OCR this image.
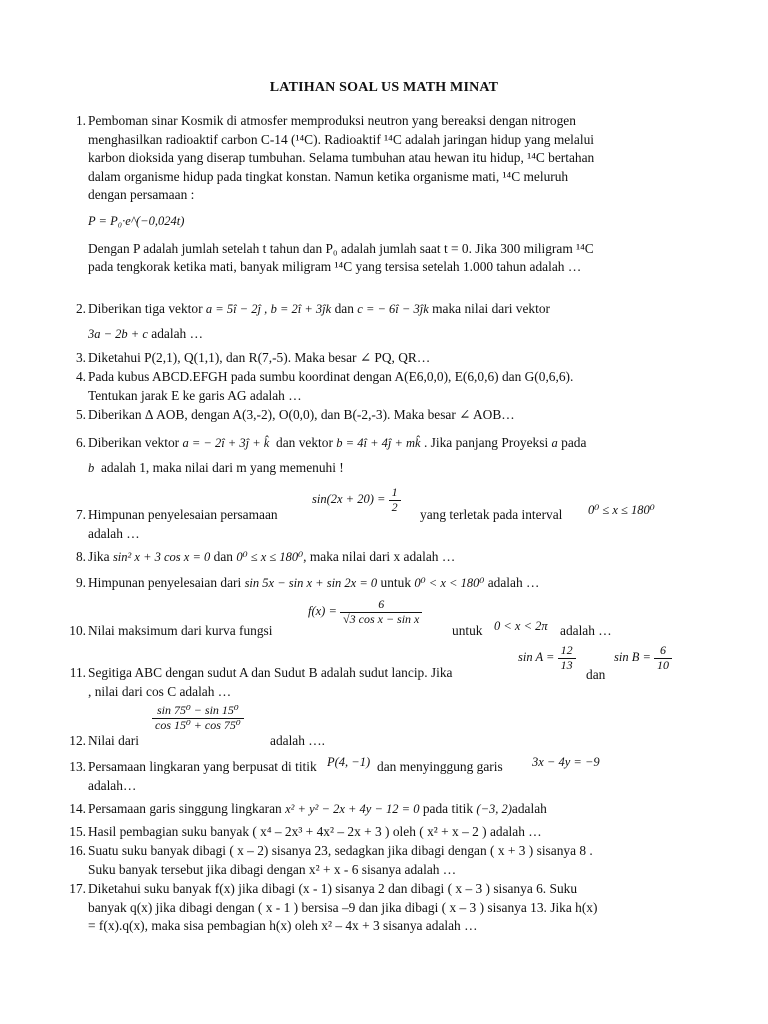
LATIHAN SOAL US MATH MINAT
1. Pemboman sinar Kosmik di atmosfer memproduksi neutron yang bereaksi dengan nitrogen
menghasilkan radioaktif carbon C-14 (¹⁴C). Radioaktif ¹⁴C adalah jaringan hidup yang melalui
karbon dioksida yang diserap tumbuhan. Selama tumbuhan atau hewan itu hidup, ¹⁴C bertahan
dalam organisme hidup pada tingkat konstan. Namun ketika organisme mati, ¹⁴C meluruh
dengan persamaan :
P = P₀·e^(−0,024t)
Dengan P adalah jumlah setelah t tahun dan P₀ adalah jumlah saat t = 0. Jika 300 miligram ¹⁴C
pada tengkorak ketika mati, banyak miligram ¹⁴C yang tersisa setelah 1.000 tahun adalah …
2. Diberikan tiga vektor a = 5î − 2ĵ , b = 2î + 3ĵk dan c = − 6î − 3ĵk maka nilai dari vektor
3a − 2b + c adalah …
3. Diketahui P(2,1), Q(1,1), dan R(7,-5). Maka besar ∠ PQ, QR…
4. Pada kubus ABCD.EFGH pada sumbu koordinat dengan A(E6,0,0), E(6,0,6) dan G(0,6,6).
Tentukan jarak E ke garis AG adalah …
5. Diberikan Δ AOB, dengan A(3,-2), O(0,0), dan B(-2,-3). Maka besar ∠ AOB…
6. Diberikan vektor a = − 2î + 3ĵ + k̂ dan vektor b = 4î + 4ĵ + mk̂ . Jika panjang Proyeksi a pada
b adalah 1, maka nilai dari m yang memenuhi !
7. Himpunan penyelesaian persamaan
$\sin(2x + 20) = \frac{1}{2}$ yang terletak pada interval 0⁰ ≤ x ≤ 180⁰
adalah …
8. Jika sin² x + 3 cos x = 0 dan 0⁰ ≤ x ≤ 180⁰, maka nilai dari x adalah …
9. Himpunan penyelesaian dari sin 5x − sin x + sin 2x = 0 untuk 0⁰ < x < 180⁰ adalah …
10. Nilai maksimum dari kurva fungsi
$f(x) = \frac{6}{\text{√3 cos x − sin x}}$
untuk 0 < x < 2π adalah …
11. Segitiga ABC dengan sudut A dan Sudut B adalah sudut lancip. Jika
$\sin A = \frac{12}{13}$
dan
$\sin B = \frac{6}{10}$
, nilai dari cos C adalah …
12. Nilai dari
$\frac{\text{sin 75⁰ − sin 15⁰}}{\text{cos 15⁰ + cos 75⁰}}$
adalah ….
13. Persamaan lingkaran yang berpusat di titik P(4, −1) dan menyinggung garis 3x − 4y = −9
adalah…
14. Persamaan garis singgung lingkaran x² + y² − 2x + 4y − 12 = 0 pada titik (−3, 2)adalah
15. Hasil pembagian suku banyak ( x⁴ – 2x³ + 4x² – 2x + 3 ) oleh ( x² + x – 2 ) adalah …
16. Suatu suku banyak dibagi ( x – 2) sisanya 23, sedagkan jika dibagi dengan ( x + 3 ) sisanya 8 .
Suku banyak tersebut jika dibagi dengan x² + x - 6 sisanya adalah …
17. Diketahui suku banyak f(x) jika dibagi (x - 1) sisanya 2 dan dibagi ( x – 3 ) sisanya 6. Suku
banyak q(x) jika dibagi dengan ( x - 1 ) bersisa –9 dan jika dibagi ( x – 3 ) sisanya 13. Jika h(x)
= f(x).q(x), maka sisa pembagian h(x) oleh x² – 4x + 3 sisanya adalah …
